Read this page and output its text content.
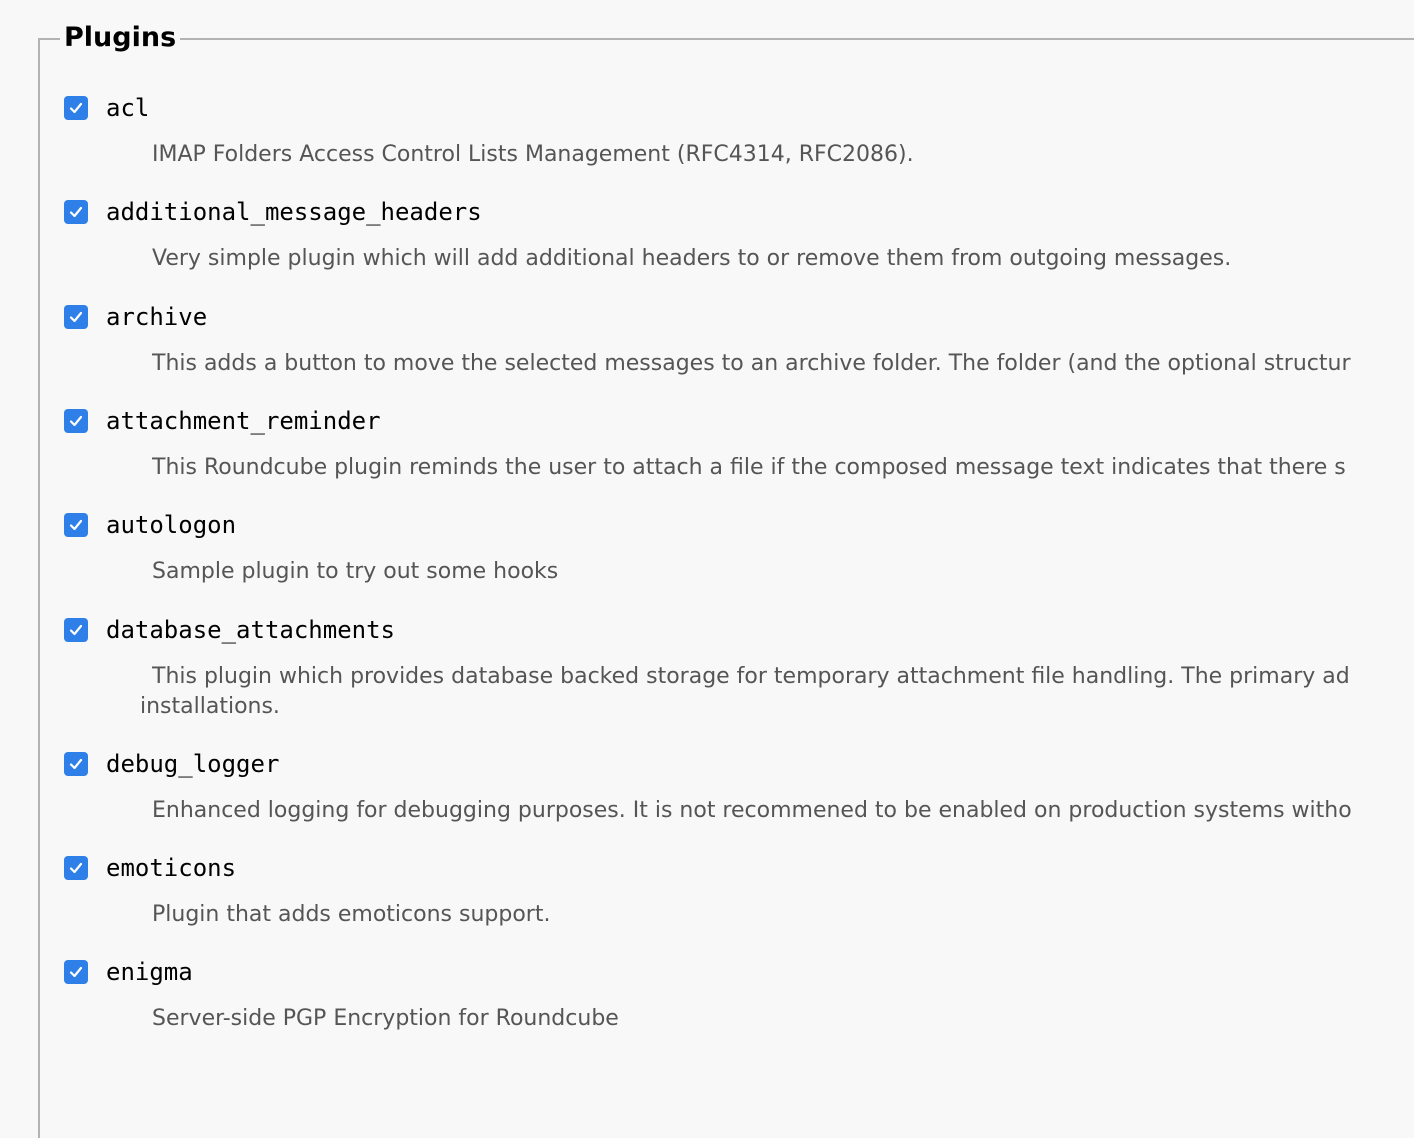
Plugins
acl
IMAP Folders Access Control Lists Management (RFC4314, RFC2086).
additional_message_headers
Very simple plugin which will add additional headers to or remove them from outgoing messages.
archive
This adds a button to move the selected messages to an archive folder. The folder (and the optional structur
attachment_reminder
This Roundcube plugin reminds the user to attach a file if the composed message text indicates that there s
autologon
Sample plugin to try out some hooks
database_attachments
This plugin which provides database backed storage for temporary attachment file handling. The primary ad
installations.
debug_logger
Enhanced logging for debugging purposes. It is not recommened to be enabled on production systems witho
emoticons
Plugin that adds emoticons support.
enigma
Server-side PGP Encryption for Roundcube
